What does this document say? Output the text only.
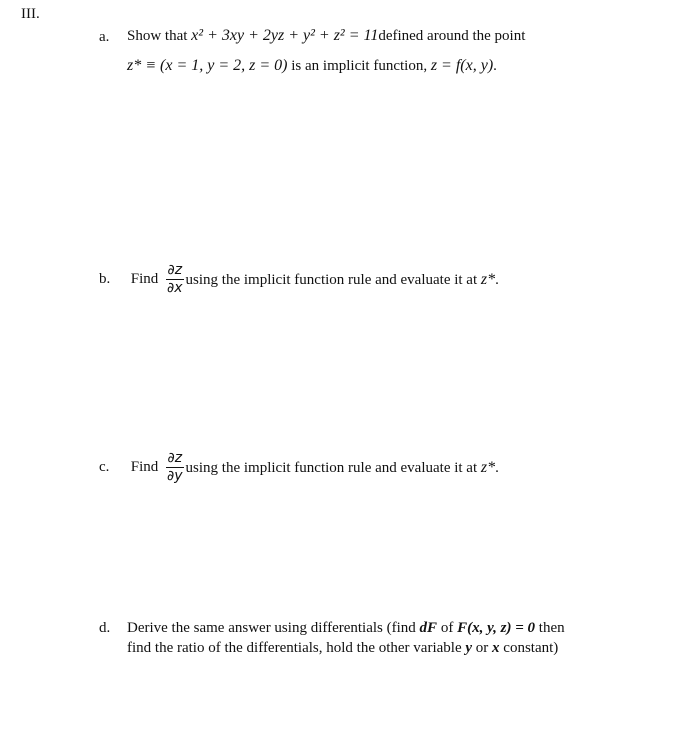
III.
a. Show that x² + 3xy + 2yz + y² + z² = 11defined around the point
z* ≡ (x = 1, y = 2, z = 0) is an implicit function, z = f(x, y).
b. Find $\frac{\partial z}{\partial x}$ using the implicit function rule and evaluate it at z*.
c. Find $\frac{\partial z}{\partial y}$ using the implicit function rule and evaluate it at z*.
d. Derive the same answer using differentials (find dF of F(x, y, z) = 0 then
find the ratio of the differentials, hold the other variable y or x constant)
